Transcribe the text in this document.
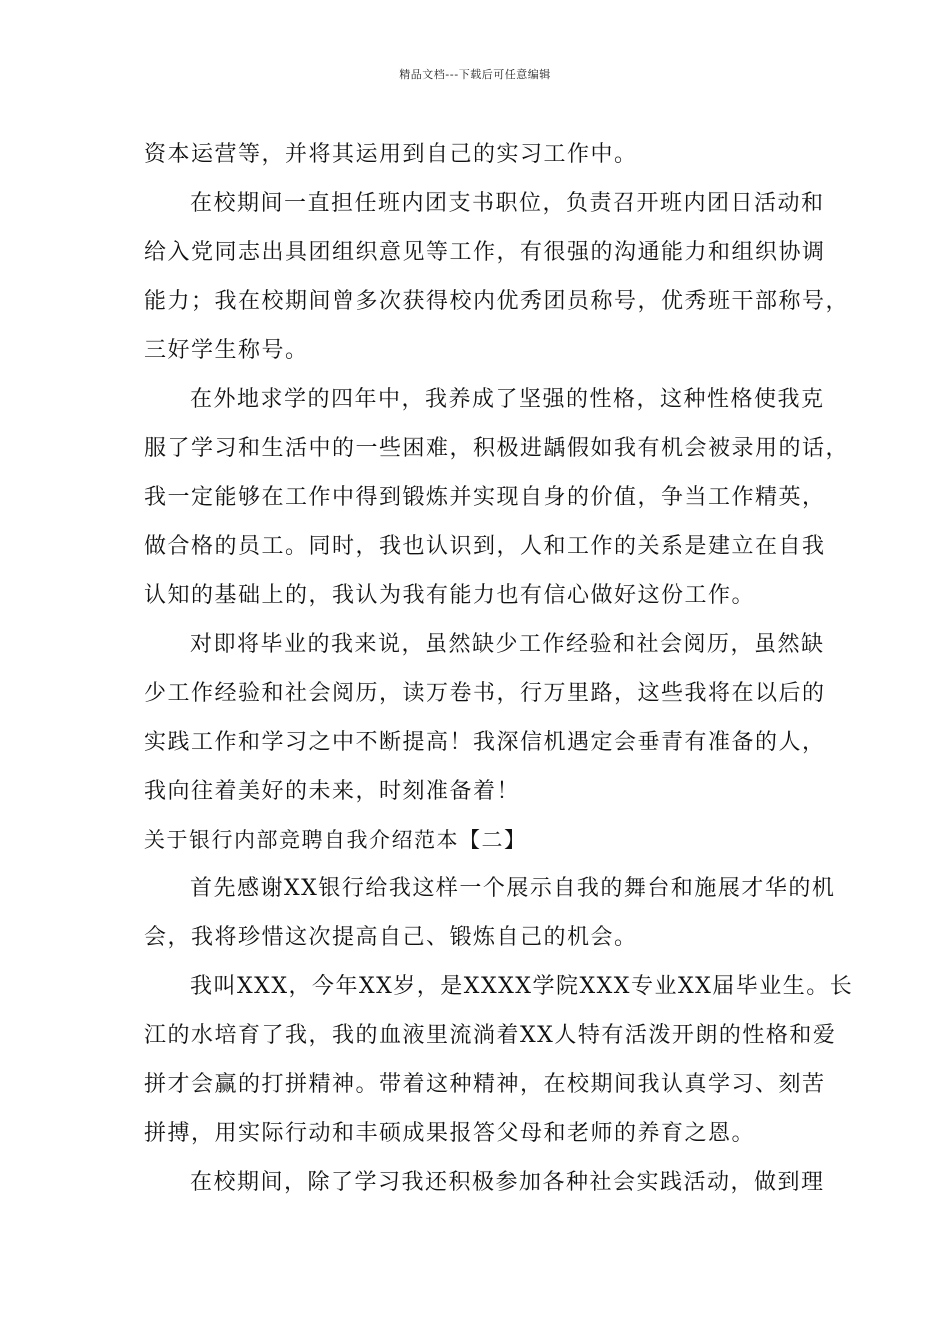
精品文档---下载后可任意编辑
资本运营等，并将其运用到自己的实习工作中。
在校期间一直担任班内团支书职位，负责召开班内团日活动和
给入党同志出具团组织意见等工作，有很强的沟通能力和组织协调
能力；我在校期间曾多次获得校内优秀团员称号，优秀班干部称号，
三好学生称号。
在外地求学的四年中，我养成了坚强的性格，这种性格使我克
服了学习和生活中的一些困难，积极进龋假如我有机会被录用的话，
我一定能够在工作中得到锻炼并实现自身的价值，争当工作精英，
做合格的员工。同时，我也认识到，人和工作的关系是建立在自我
认知的基础上的，我认为我有能力也有信心做好这份工作。
对即将毕业的我来说，虽然缺少工作经验和社会阅历，虽然缺
少工作经验和社会阅历，读万卷书，行万里路，这些我将在以后的
实践工作和学习之中不断提高！我深信机遇定会垂青有准备的人，
我向往着美好的未来，时刻准备着！
关于银行内部竞聘自我介绍范本【二】
首先感谢XX银行给我这样一个展示自我的舞台和施展才华的机
会，我将珍惜这次提高自己、锻炼自己的机会。
我叫XXX，今年XX岁，是XXXX学院XXX专业XX届毕业生。长
江的水培育了我，我的血液里流淌着XX人特有活泼开朗的性格和爱
拼才会赢的打拼精神。带着这种精神，在校期间我认真学习、刻苦
拼搏，用实际行动和丰硕成果报答父母和老师的养育之恩。
在校期间，除了学习我还积极参加各种社会实践活动，做到理
